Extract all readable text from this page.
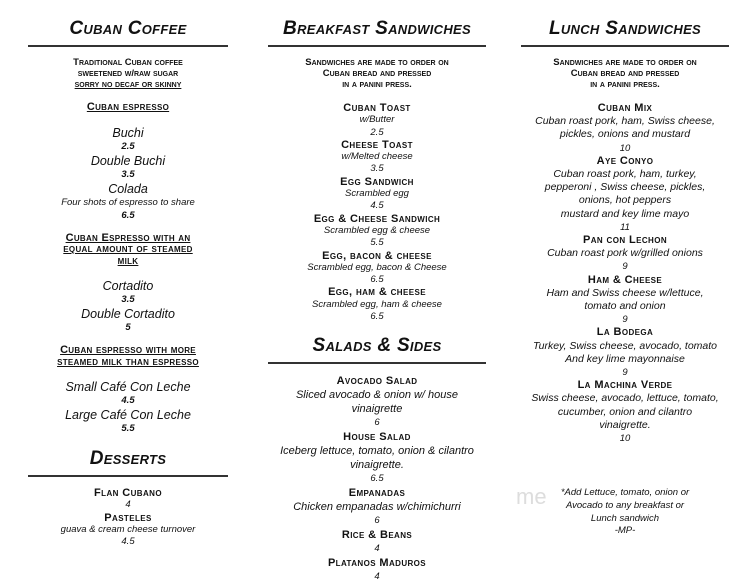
Cuban Coffee
Traditional Cuban coffee
sweetened w/raw sugar
sorry no decaf or skinny
Cuban espresso
Buchi
2.5
Double Buchi
3.5
Colada
Four shots of espresso to share
6.5
Cuban Espresso with an
equal amount of steamed
milk
Cortadito
3.5
Double Cortadito
5
Cuban espresso with more
steamed milk than espresso
Small Café Con Leche
4.5
Large Café Con Leche
5.5
Desserts
Flan Cubano
4
Pasteles
guava & cream cheese turnover
4.5
Breakfast Sandwiches
Sandwiches are made to order on
Cuban bread and pressed
in a panini press.
Cuban Toast
w/Butter
2.5
Cheese Toast
w/Melted cheese
3.5
Egg Sandwich
Scrambled egg
4.5
Egg & Cheese Sandwich
Scrambled egg & cheese
5.5
Egg, bacon & cheese
Scrambled egg, bacon & Cheese
6.5
Egg, ham & cheese
Scrambled egg, ham & cheese
6.5
Salads & Sides
Avocado Salad
Sliced avocado & onion w/ house
vinaigrette
6
House Salad
Iceberg lettuce, tomato, onion & cilantro
vinaigrette.
6.5
Empanadas
Chicken empanadas w/chimichurri
6
Rice & Beans
4
Platanos Maduros
4
Lunch Sandwiches
Sandwiches are made to order on
Cuban bread and pressed
in a panini press.
Cuban Mix
Cuban roast pork, ham, Swiss cheese,
pickles, onions and mustard
10
Aye Conyo
Cuban roast pork, ham, turkey,
pepperoni , Swiss cheese, pickles,
onions, hot peppers
mustard and key lime mayo
11
Pan con Lechon
Cuban roast pork w/grilled onions
9
Ham & Cheese
Ham and Swiss cheese w/lettuce,
tomato and onion
9
La Bodega
Turkey, Swiss cheese, avocado, tomato
And key lime mayonnaise
9
La Machina Verde
Swiss cheese, avocado, lettuce, tomato,
cucumber, onion and cilantro
vinaigrette.
10
*Add Lettuce, tomato, onion or
Avocado to any breakfast or
Lunch sandwich
-MP-
me
